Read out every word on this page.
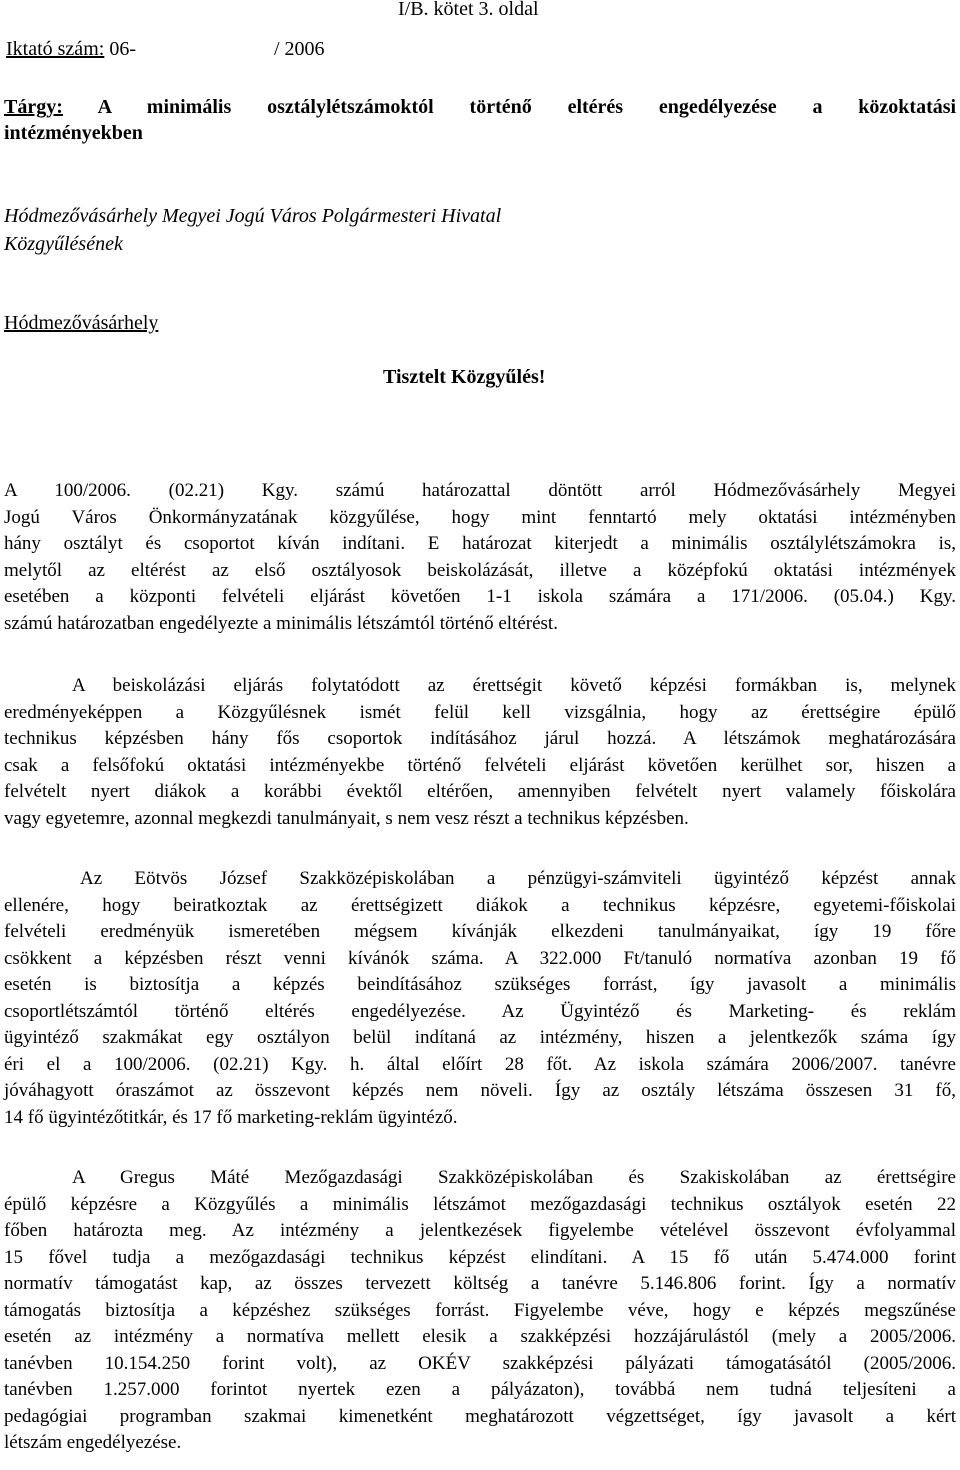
I/B. kötet 3. oldal
Iktató szám: 06-	/ 2006

Tárgy: A minimális osztálylétszámoktól történő eltérés engedélyezése a közoktatási

intézményekben

Hódmezővásárhely Megyei Jogú Város Polgármesteri Hivatal
Közgyűlésének
Hódmezővásárhely
Tisztelt Közgyűlés!
A 100/2006. (02.21) Kgy. számú határozattal döntött arról Hódmezővásárhely Megyei
Jogú Város Önkormányzatának közgyűlése, hogy mint fenntartó mely oktatási intézményben
hány osztályt és csoportot kíván indítani. E határozat kiterjedt a minimális osztálylétszámokra is,
melytől az eltérést az első osztályosok beiskolázását, illetve a középfokú oktatási intézmények
esetében a központi felvételi eljárást követően 1-1 iskola számára a 171/2006. (05.04.) Kgy.
számú határozatban engedélyezte a minimális létszámtól történő eltérést.
A beiskolázási eljárás folytatódott az érettségit követő képzési formákban is, melynek
eredményeképpen a Közgyűlésnek ismét felül kell vizsgálnia, hogy az érettségire épülő
technikus képzésben hány fős csoportok indításához járul hozzá. A létszámok meghatározására
csak a felsőfokú oktatási intézményekbe történő felvételi eljárást követően kerülhet sor, hiszen a
felvételt nyert diákok a korábbi évektől eltérően, amennyiben felvételt nyert valamely főiskolára
vagy egyetemre, azonnal megkezdi tanulmányait, s nem vesz részt a technikus képzésben.
Az Eötvös József Szakközépiskolában a pénzügyi-számviteli ügyintéző képzést annak
ellenére, hogy beiratkoztak az érettségizett diákok a technikus képzésre, egyetemi-főiskolai
felvételi eredményük ismeretében mégsem kívánják elkezdeni tanulmányaikat, így 19 főre
csökkent a képzésben részt venni kívánók száma. A 322.000 Ft/tanuló normatíva azonban 19 fő
esetén is biztosítja a képzés beindításához szükséges forrást, így javasolt a minimális
csoportlétszámtól történő eltérés engedélyezése. Az Ügyintéző és Marketing- és reklám
ügyintéző szakmákat egy osztályon belül indítaná az intézmény, hiszen a jelentkezők száma így
éri el a 100/2006. (02.21) Kgy. h. által előírt 28 főt. Az iskola számára 2006/2007. tanévre
jóváhagyott óraszámot az összevont képzés nem növeli. Így az osztály létszáma összesen 31 fő,
14 fő ügyintézőtitkár, és 17 fő marketing-reklám ügyintéző.
A Gregus Máté Mezőgazdasági Szakközépiskolában és Szakiskolában az érettségire
épülő képzésre a Közgyűlés a minimális létszámot mezőgazdasági technikus osztályok esetén 22
főben határozta meg. Az intézmény a jelentkezések figyelembe vételével összevont évfolyammal
15 fővel tudja a mezőgazdasági technikus képzést elindítani. A 15 fő után 5.474.000 forint
normatív támogatást kap, az összes tervezett költség a tanévre 5.146.806 forint. Így a normatív
támogatás biztosítja a képzéshez szükséges forrást. Figyelembe véve, hogy e képzés megszűnése
esetén az intézmény a normatíva mellett elesik a szakképzési hozzájárulástól (mely a 2005/2006.
tanévben 10.154.250 forint volt), az OKÉV szakképzési pályázati támogatásától (2005/2006.
tanévben 1.257.000 forintot nyertek ezen a pályázaton), továbbá nem tudná teljesíteni a
pedagógiai programban szakmai kimenetként meghatározott végzettséget, így javasolt a kért
létszám engedélyezése.
